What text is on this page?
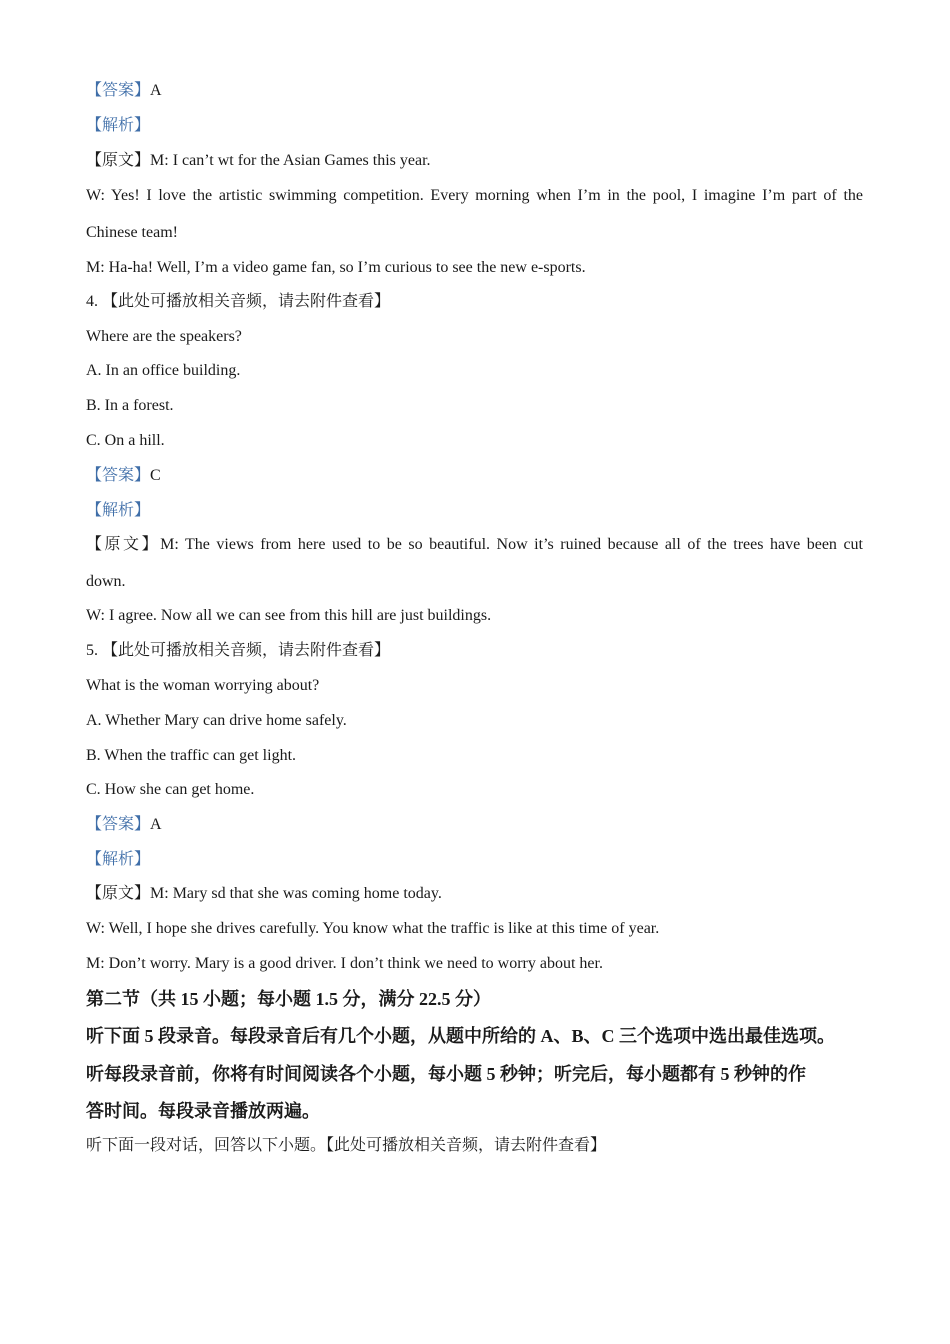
【答案】A
【解析】
【原文】M: I can’t wt for the Asian Games this year.
W: Yes! I love the artistic swimming competition. Every morning when I’m in the pool, I imagine I’m part of the
Chinese team!
M: Ha-ha! Well, I’m a video game fan, so I’m curious to see the new e-sports.
4. 【此处可播放相关音频，请去附件查看】
Where are the speakers?
A. In an office building.
B. In a forest.
C. On a hill.
【答案】C
【解析】
【原文】M: The views from here used to be so beautiful. Now it’s ruined because all of the trees have been cut
down.
W: I agree. Now all we can see from this hill are just buildings.
5. 【此处可播放相关音频，请去附件查看】
What is the woman worrying about?
A. Whether Mary can drive home safely.
B. When the traffic can get light.
C. How she can get home.
【答案】A
【解析】
【原文】M: Mary sd that she was coming home today.
W: Well, I hope she drives carefully. You know what the traffic is like at this time of year.
M: Don’t worry. Mary is a good driver. I don’t think we need to worry about her.
第二节（共 15 小题；每小题 1.5 分，满分 22.5 分）
听下面 5 段录音。每段录音后有几个小题，从题中所给的 A、B、C 三个选项中选出最佳选项。
听每段录音前，你将有时间阅读各个小题，每小题 5 秒钟；听完后，每小题都有 5 秒钟的作
答时间。每段录音播放两遍。
听下面一段对话，回答以下小题。【此处可播放相关音频，请去附件查看】
